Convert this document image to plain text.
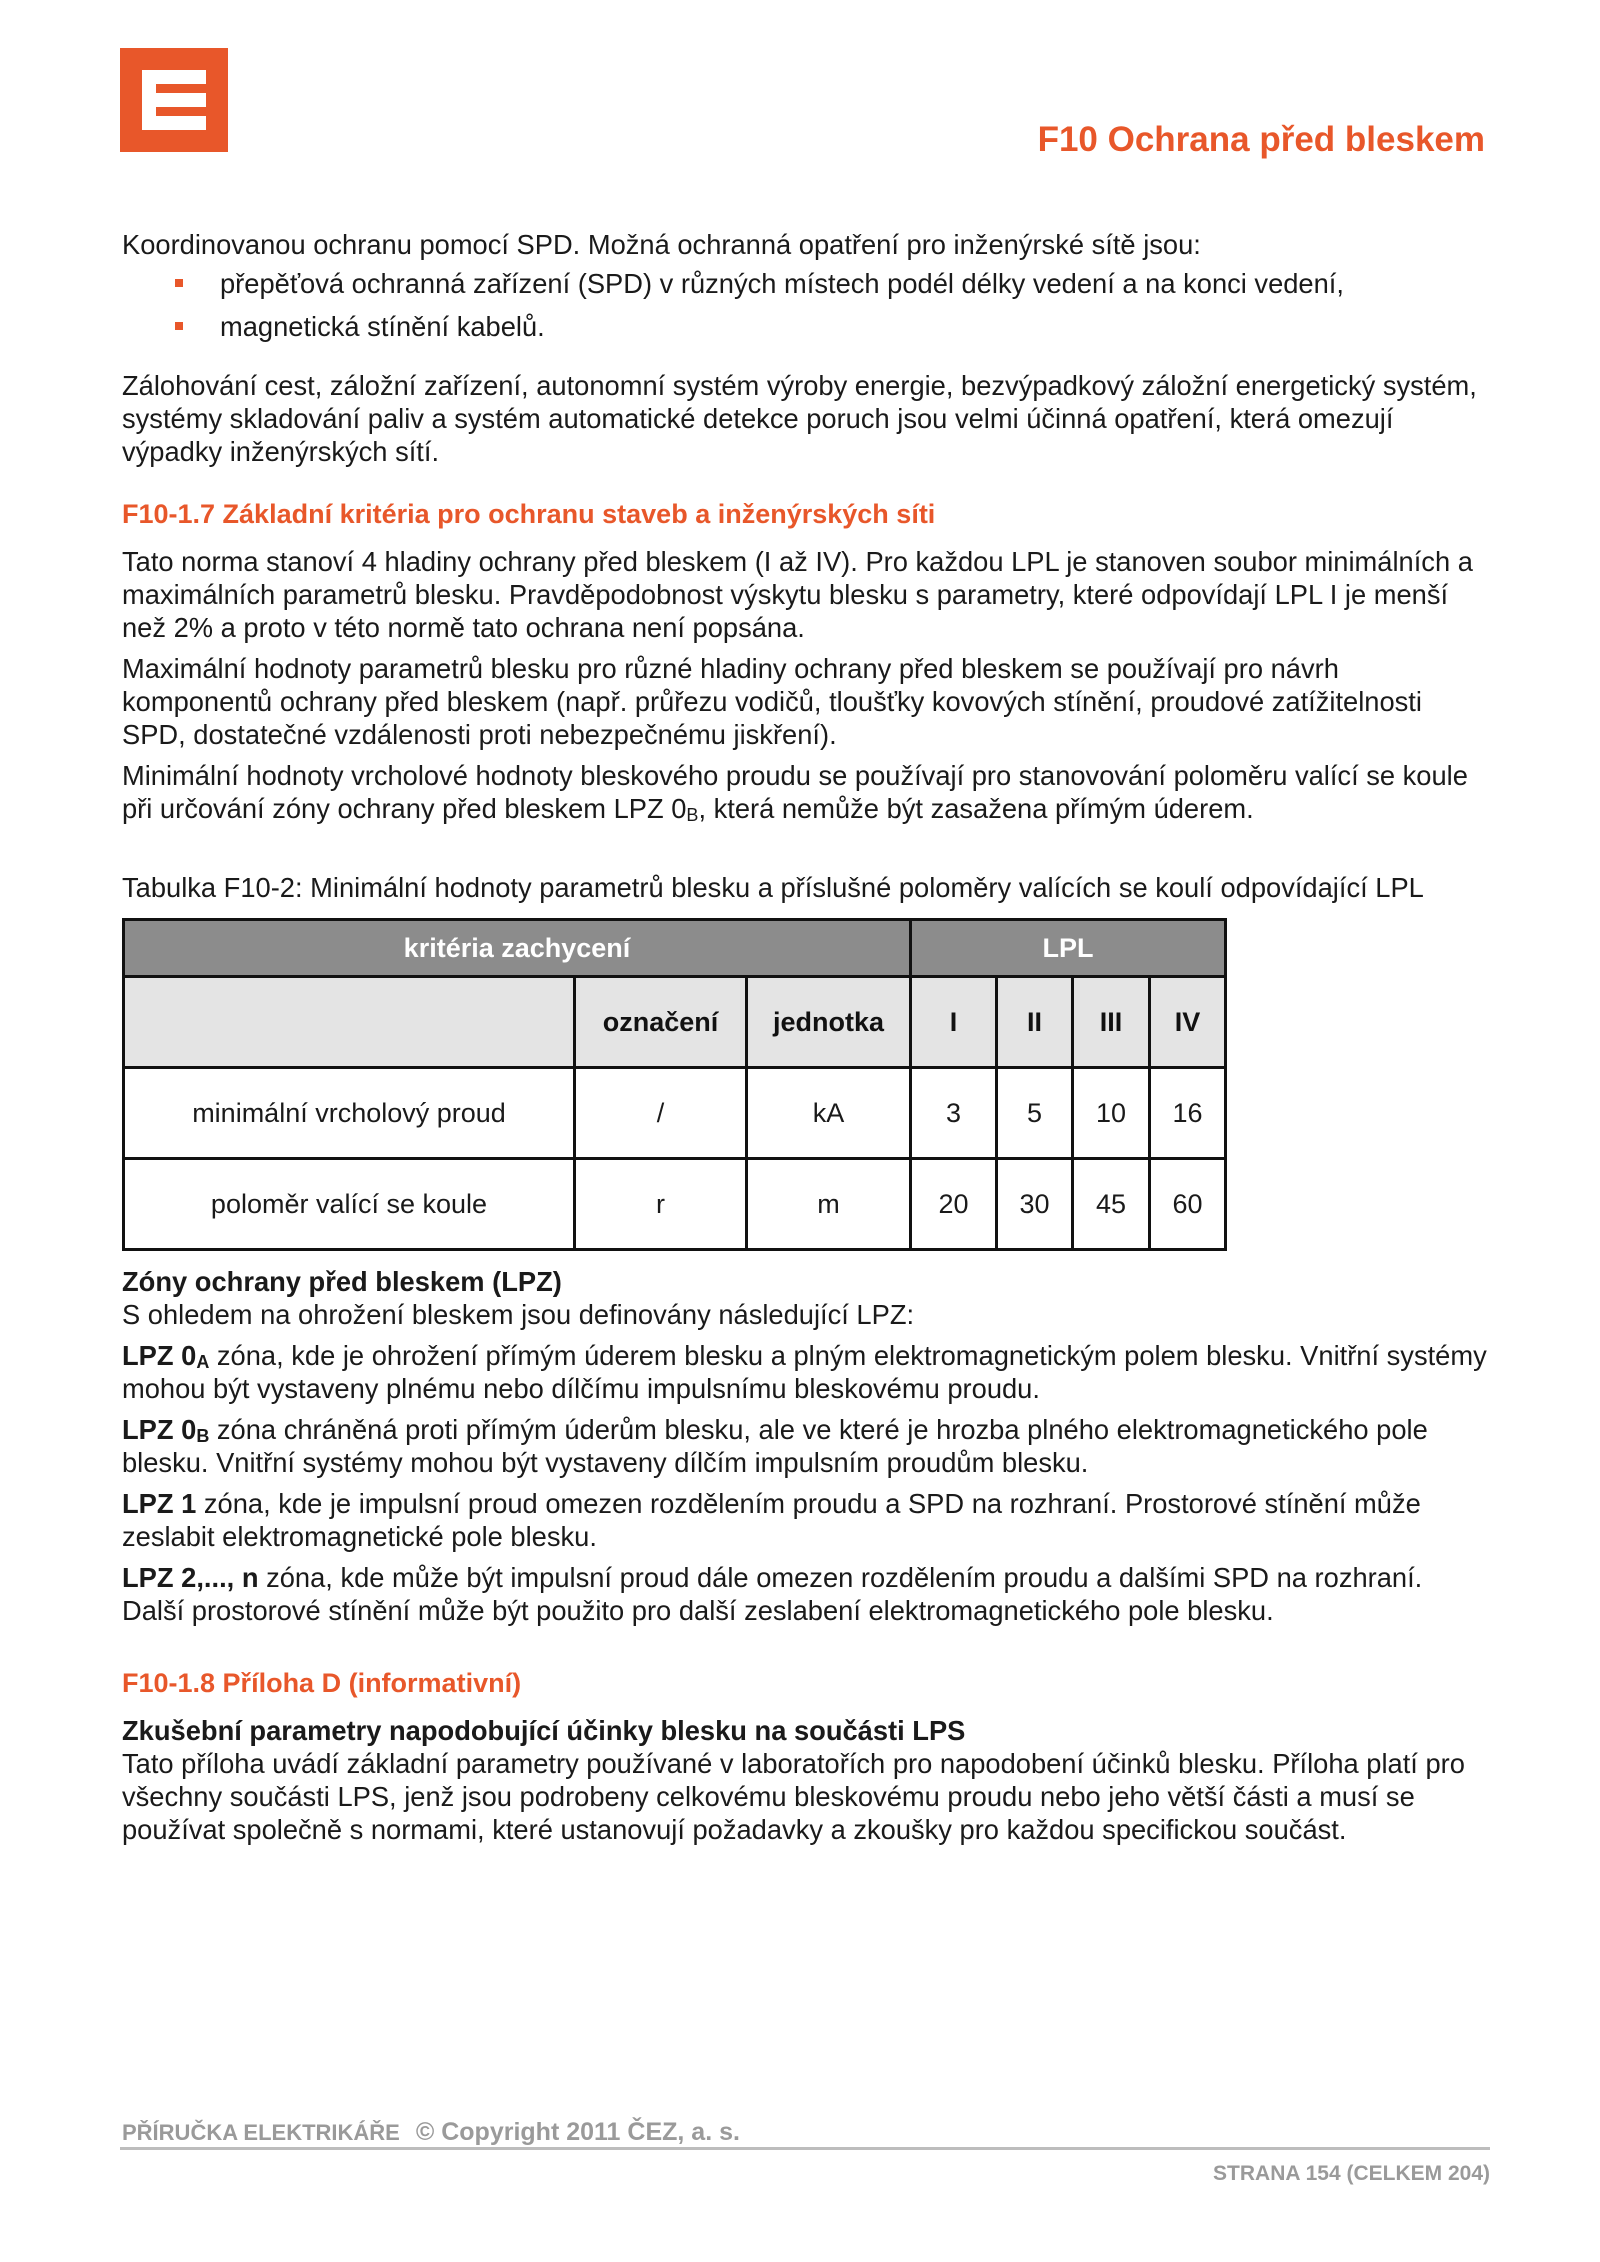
F10 Ochrana před bleskem

Koordinovanou ochranu pomocí SPD. Možná ochranná opatření pro inženýrské sítě jsou:

přepěťová ochranná zařízení (SPD) v různých místech podél délky vedení a na konci vedení,
magnetická stínění kabelů.

Zálohování cest, záložní zařízení, autonomní systém výroby energie, bezvýpadkový záložní energetický systém, systémy skladování paliv a systém automatické detekce poruch jsou velmi účinná opatření, která omezují výpadky inženýrských sítí.

F10-1.7 Základní kritéria pro ochranu staveb a inženýrských síti

Tato norma stanoví 4 hladiny ochrany před bleskem (I až IV). Pro každou LPL je stanoven soubor minimálních a maximálních parametrů blesku. Pravděpodobnost výskytu blesku s parametry, které odpovídají LPL I je menší než 2% a proto v této normě tato ochrana není popsána.

Maximální hodnoty parametrů blesku pro různé hladiny ochrany před bleskem se používají pro návrh komponentů ochrany před bleskem (např. průřezu vodičů, tloušťky kovových stínění, proudové zatížitelnosti SPD, dostatečné vzdálenosti proti nebezpečnému jiskření).

Minimální hodnoty vrcholové hodnoty bleskového proudu se používají pro stanovování poloměru valící se koule při určování zóny ochrany před bleskem LPZ $0_B$, která nemůže být zasažena přímým úderem.

Tabulka F10-2: Minimální hodnoty parametrů blesku a příslušné poloměry valících se koulí odpovídající LPL

kritéria zachycení			LPL			
	označení	jednotka	I	II	III	IV
minimální vrcholový proud	/	kA	3	5	10	16
poloměr valící se koule	r	m	20	30	45	60

Zóny ochrany před bleskem (LPZ)

S ohledem na ohrožení bleskem jsou definovány následující LPZ:

LPZ $0_A$ zóna, kde je ohrožení přímým úderem blesku a plným elektromagnetickým polem blesku. Vnitřní systémy mohou být vystaveny plnému nebo dílčímu impulsnímu bleskovému proudu.

LPZ $0_B$ zóna chráněná proti přímým úderům blesku, ale ve které je hrozba plného elektromagnetického pole blesku. Vnitřní systémy mohou být vystaveny dílčím impulsním proudům blesku.

LPZ 1 zóna, kde je impulsní proud omezen rozdělením proudu a SPD na rozhraní. Prostorové stínění může zeslabit elektromagnetické pole blesku.

LPZ 2,..., n zóna, kde může být impulsní proud dále omezen rozdělením proudu a dalšími SPD na rozhraní.

Další prostorové stínění může být použito pro další zeslabení elektromagnetického pole blesku.

F10-1.8 Příloha D (informativní)

Zkušební parametry napodobující účinky blesku na součásti LPS

Tato příloha uvádí základní parametry používané v laboratořích pro napodobení účinků blesku. Příloha platí pro všechny součásti LPS, jenž jsou podrobeny celkovému bleskovému proudu nebo jeho větší části a musí se používat společně s normami, které ustanovují požadavky a zkoušky pro každou specifickou součást.

PŘÍRUČKA ELEKTRIKÁŘE © Copyright 2011 ČEZ, a. s.
STRANA 154 (CELKEM 204)
